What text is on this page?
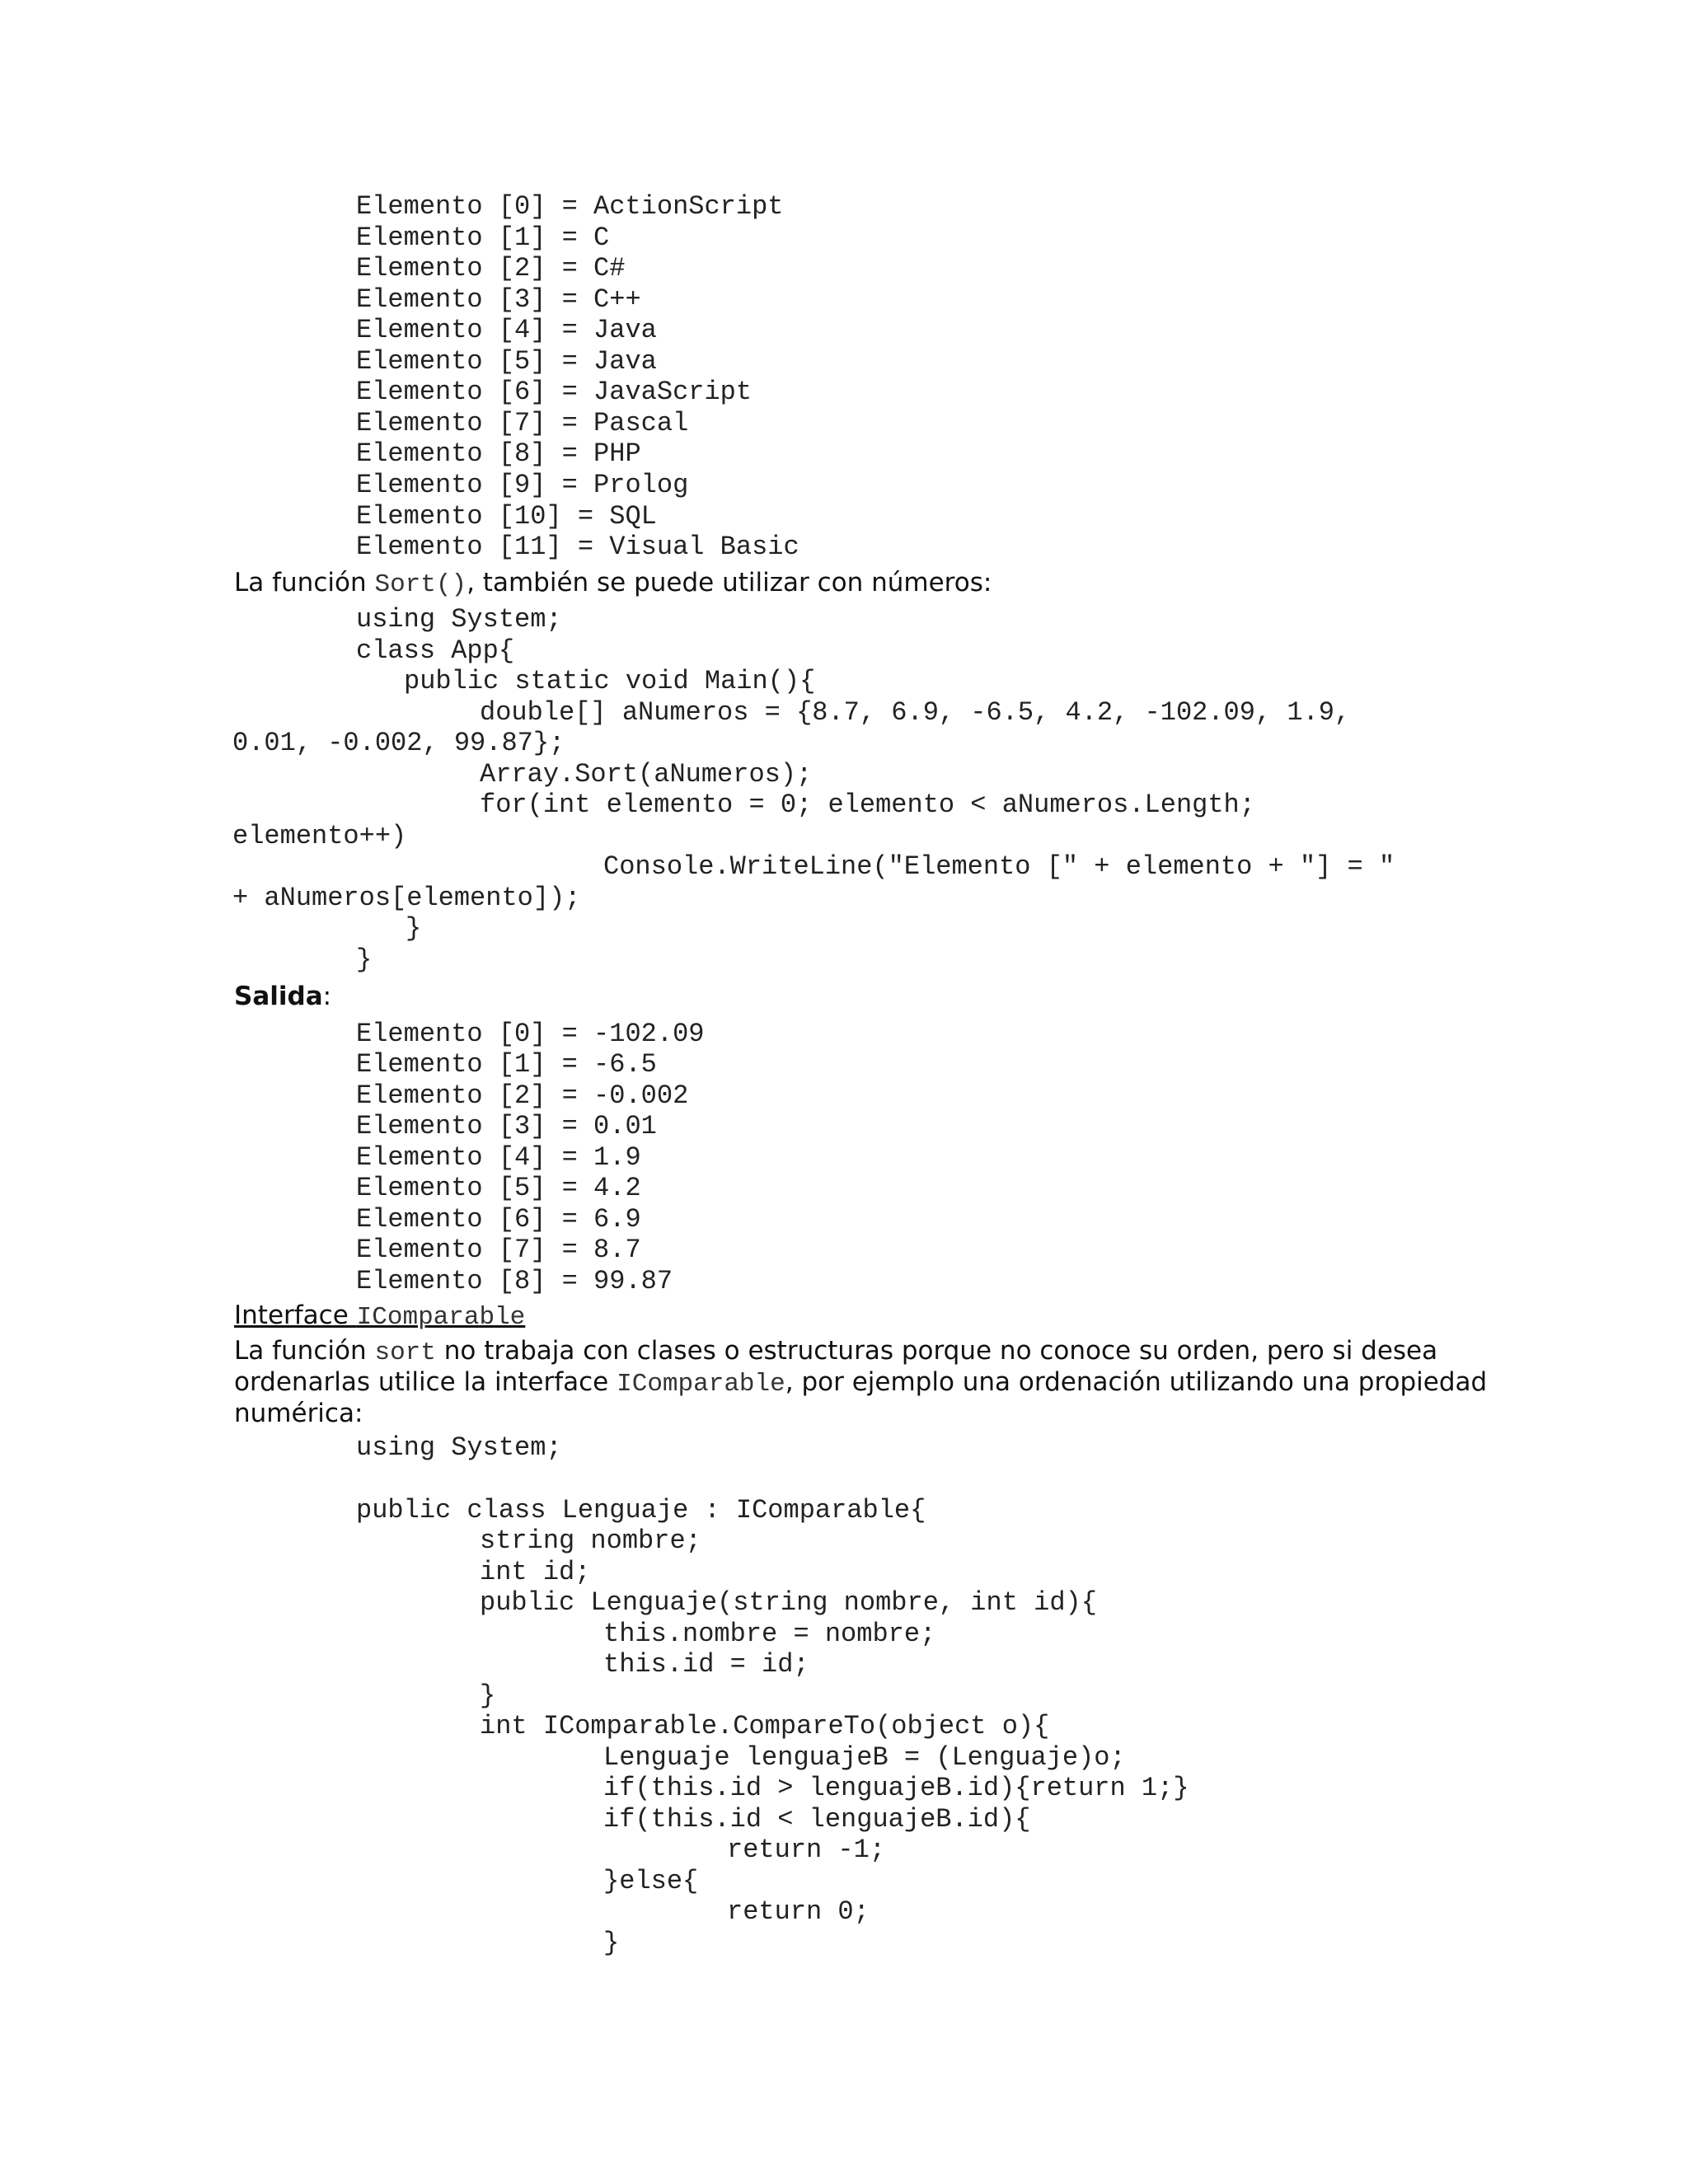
Elemento [0] = ActionScript
Elemento [1] = C
Elemento [2] = C#
Elemento [3] = C++
Elemento [4] = Java
Elemento [5] = Java
Elemento [6] = JavaScript
Elemento [7] = Pascal
Elemento [8] = PHP
Elemento [9] = Prolog
Elemento [10] = SQL
Elemento [11] = Visual Basic
La función Sort(), también se puede utilizar con números:
using System;
class App{
public static void Main(){
double[] aNumeros = {8.7, 6.9, -6.5, 4.2, -102.09, 1.9,
0.01, -0.002, 99.87};
Array.Sort(aNumeros);
for(int elemento = 0; elemento < aNumeros.Length;
elemento++)
Console.WriteLine("Elemento [" + elemento + "] = "
+ aNumeros[elemento]);
}
}
Salida:
Elemento [0] = -102.09
Elemento [1] = -6.5
Elemento [2] = -0.002
Elemento [3] = 0.01
Elemento [4] = 1.9
Elemento [5] = 4.2
Elemento [6] = 6.9
Elemento [7] = 8.7
Elemento [8] = 99.87
Interface IComparable
La función sort no trabaja con clases o estructuras porque no conoce su orden, pero si desea
ordenarlas utilice la interface IComparable, por ejemplo una ordenación utilizando una propiedad
numérica:
using System;
public class Lenguaje : IComparable{
string nombre;
int id;
public Lenguaje(string nombre, int id){
this.nombre = nombre;
this.id = id;
}
int IComparable.CompareTo(object o){
Lenguaje lenguajeB = (Lenguaje)o;
if(this.id > lenguajeB.id){return 1;}
if(this.id < lenguajeB.id){
return -1;
}else{
return 0;
}
